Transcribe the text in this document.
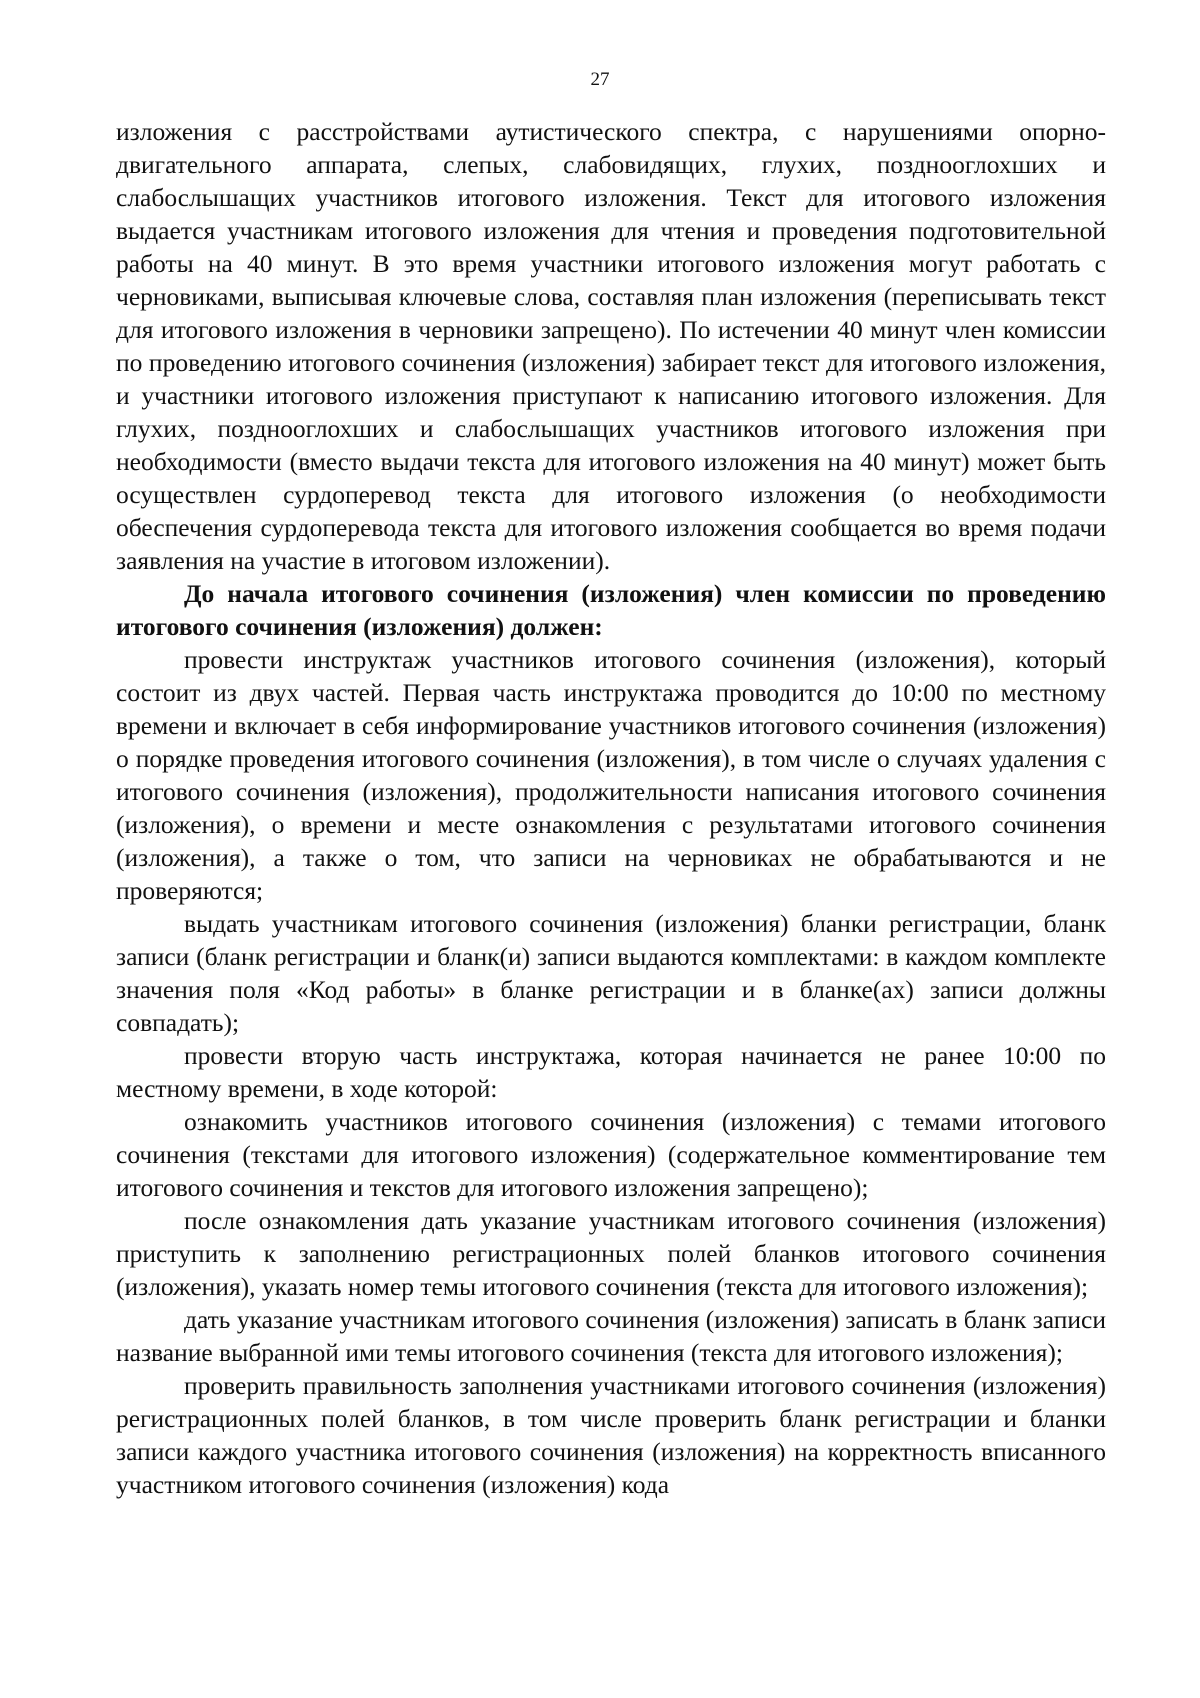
27

изложения с расстройствами аутистического спектра, с нарушениями опорно-двигательного аппарата, слепых, слабовидящих, глухих, позднооглохших и слабослышащих участников итогового изложения. Текст для итогового изложения выдается участникам итогового изложения для чтения и проведения подготовительной работы на 40 минут. В это время участники итогового изложения могут работать с черновиками, выписывая ключевые слова, составляя план изложения (переписывать текст для итогового изложения в черновики запрещено). По истечении 40 минут член комиссии по проведению итогового сочинения (изложения) забирает текст для итогового изложения, и участники итогового изложения приступают к написанию итогового изложения. Для глухих, позднооглохших и слабослышащих участников итогового изложения при необходимости (вместо выдачи текста для итогового изложения на 40 минут) может быть осуществлен сурдоперевод текста для итогового изложения (о необходимости обеспечения сурдоперевода текста для итогового изложения сообщается во время подачи заявления на участие в итоговом изложении).

До начала итогового сочинения (изложения) член комиссии по проведению итогового сочинения (изложения) должен:

провести инструктаж участников итогового сочинения (изложения), который состоит из двух частей. Первая часть инструктажа проводится до 10:00 по местному времени и включает в себя информирование участников итогового сочинения (изложения) о порядке проведения итогового сочинения (изложения), в том числе о случаях удаления с итогового сочинения (изложения), продолжительности написания итогового сочинения (изложения), о времени и месте ознакомления с результатами итогового сочинения (изложения), а также о том, что записи на черновиках не обрабатываются и не проверяются;

выдать участникам итогового сочинения (изложения) бланки регистрации, бланк записи (бланк регистрации и бланк(и) записи выдаются комплектами: в каждом комплекте значения поля «Код работы» в бланке регистрации и в бланке(ах) записи должны совпадать);

провести вторую часть инструктажа, которая начинается не ранее 10:00 по местному времени, в ходе которой:

ознакомить участников итогового сочинения (изложения) с темами итогового сочинения (текстами для итогового изложения) (содержательное комментирование тем итогового сочинения и текстов для итогового изложения запрещено);

после ознакомления дать указание участникам итогового сочинения (изложения) приступить к заполнению регистрационных полей бланков итогового сочинения (изложения), указать номер темы итогового сочинения (текста для итогового изложения);

дать указание участникам итогового сочинения (изложения) записать в бланк записи название выбранной ими темы итогового сочинения (текста для итогового изложения);

проверить правильность заполнения участниками итогового сочинения (изложения) регистрационных полей бланков, в том числе проверить бланк регистрации и бланки записи каждого участника итогового сочинения (изложения) на корректность вписанного участником итогового сочинения (изложения) кода
